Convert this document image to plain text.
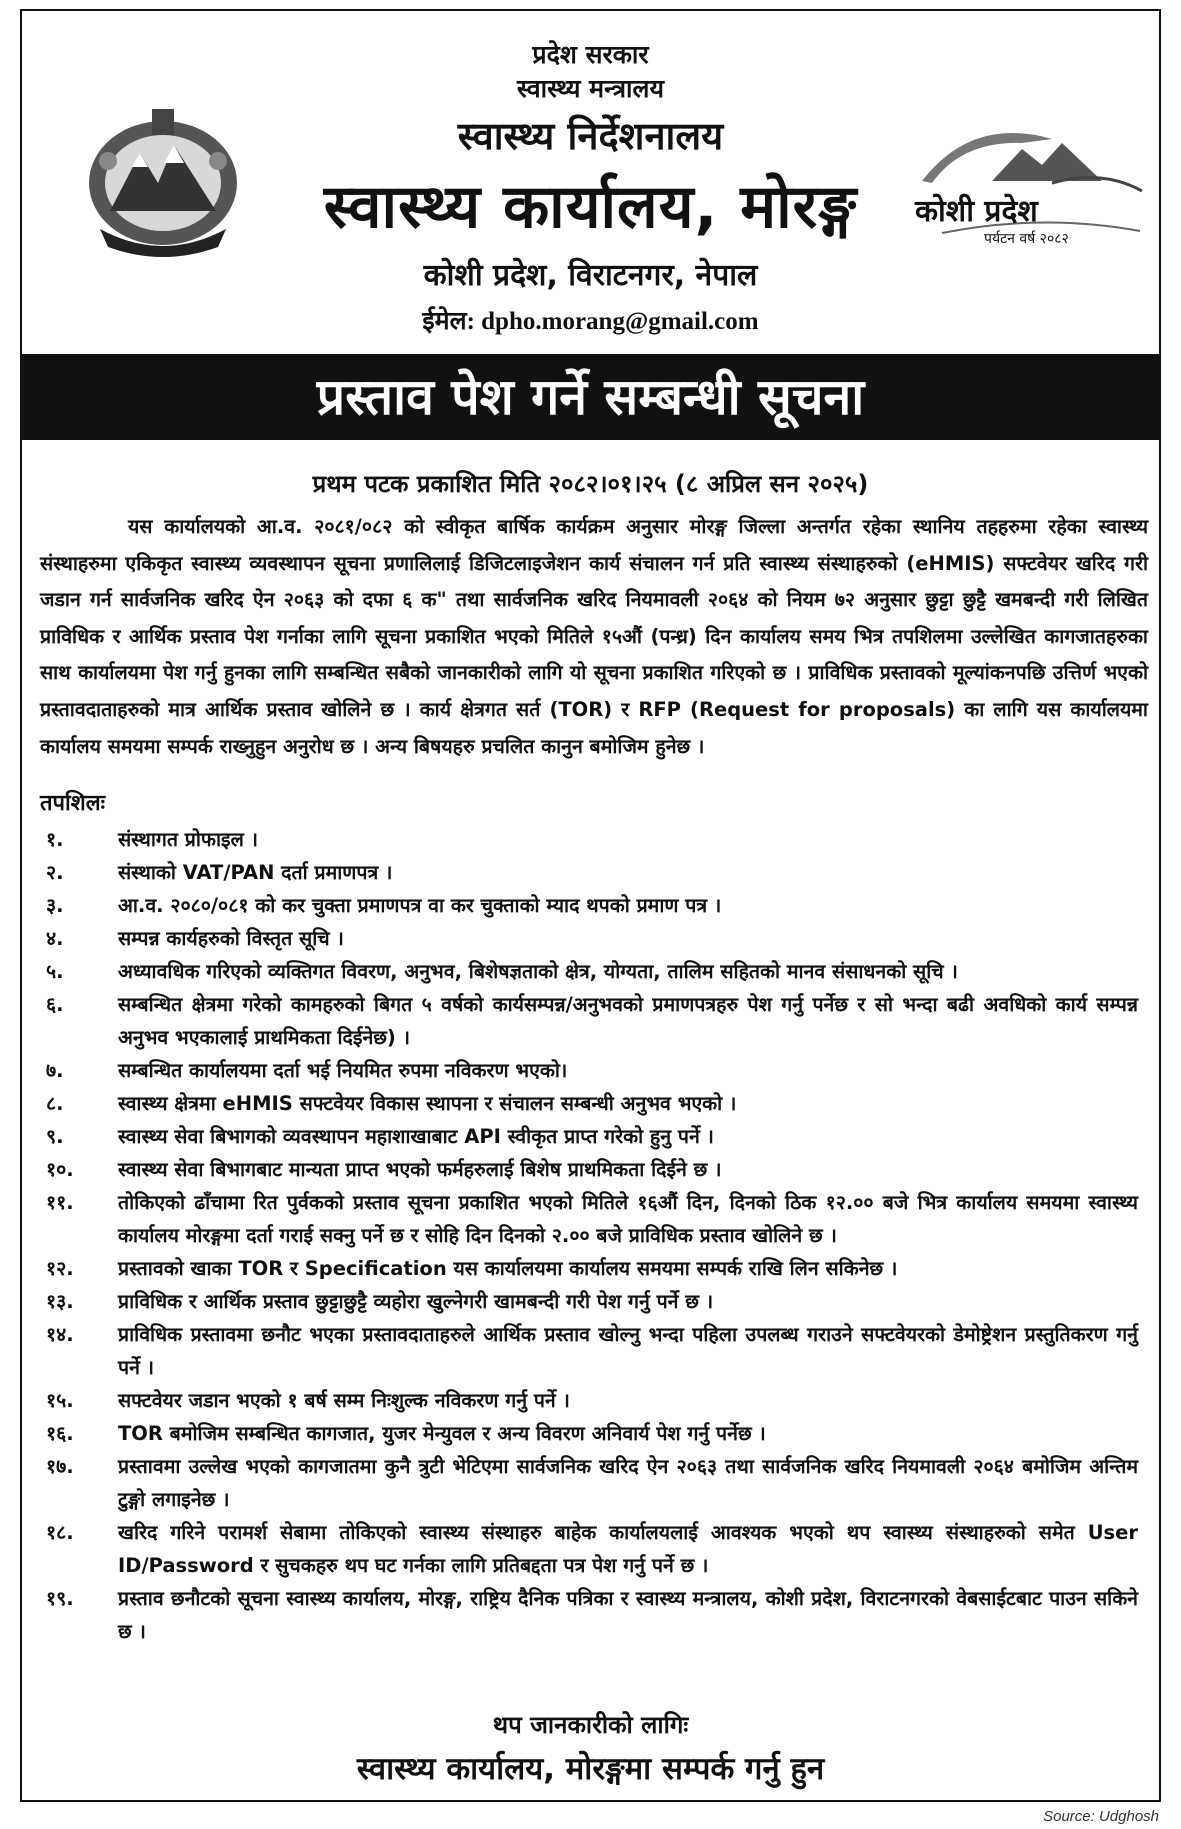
प्रदेश सरकार
स्वास्थ्य मन्त्रालय
स्वास्थ्य निर्देशनालय
स्वास्थ्य कार्यालय, मोरङ्ग
कोशी प्रदेश, विराटनगर, नेपाल
ईमेल: dpho.morang@gmail.com
कोशी प्रदेश
पर्यटन वर्ष २०८२
प्रस्ताव पेश गर्ने सम्बन्धी सूचना
प्रथम पटक प्रकाशित मिति २०८२।०१।२५ (८ अप्रिल सन २०२५)

यस कार्यालयको आ.व. २०८१/०८२ को स्वीकृत बार्षिक कार्यक्रम अनुसार मोरङ्ग जिल्ला अन्तर्गत रहेका स्थानिय तहहरुमा रहेका स्वास्थ्य संस्थाहरुमा एकिकृत स्वास्थ्य व्यवस्थापन सूचना प्रणालिलाई डिजिटलाइजेशन कार्य संचालन गर्न प्रति स्वास्थ्य संस्थाहरुको (eHMIS) सफ्टवेयर खरिद गरी जडान गर्न सार्वजनिक खरिद ऐन २०६३ को दफा ६ क" तथा सार्वजनिक खरिद नियमावली २०६४ को नियम ७२ अनुसार छुट्टा छुट्टै खमबन्दी गरी लिखित प्राविधिक र आर्थिक प्रस्ताव पेश गर्नाका लागि सूचना प्रकाशित भएको मितिले १५औं (पन्ध्र) दिन कार्यालय समय भित्र तपशिलमा उल्लेखित कागजातहरुका साथ कार्यालयमा पेश गर्नु हुनका लागि सम्बन्धित सबैको जानकारीको लागि यो सूचना प्रकाशित गरिएको छ । प्राविधिक प्रस्तावको मूल्यांकनपछि उत्तिर्ण भएको प्रस्तावदाताहरुको मात्र आर्थिक प्रस्ताव खोलिने छ । कार्य क्षेत्रगत सर्त (TOR) र RFP (Request for proposals) का लागि यस कार्यालयमा कार्यालय समयमा सम्पर्क राख्नुहुन अनुरोध छ । अन्य बिषयहरु प्रचलित कानुन बमोजिम हुनेछ ।

तपशिलः
१.	संस्थागत प्रोफाइल ।
२.	संस्थाको VAT/PAN दर्ता प्रमाणपत्र ।
३.	आ.व. २०८०/०८१ को कर चुक्ता प्रमाणपत्र वा कर चुक्ताको म्याद थपको प्रमाण पत्र ।
४.	सम्पन्न कार्यहरुको विस्तृत सूचि ।
५.	अध्यावधिक गरिएको व्यक्तिगत विवरण, अनुभव, बिशेषज्ञताको क्षेत्र, योग्यता, तालिम सहितको मानव संसाधनको सूचि ।
६.	सम्बन्धित क्षेत्रमा गरेको कामहरुको बिगत ५ वर्षको कार्यसम्पन्न/अनुभवको प्रमाणपत्रहरु पेश गर्नु पर्नेछ र सो भन्दा बढी अवधिको कार्य सम्पन्न अनुभव भएकालाई प्राथमिकता दिईनेछ) ।
७.	सम्बन्धित कार्यालयमा दर्ता भई नियमित रुपमा नविकरण भएको।
८.	स्वास्थ्य क्षेत्रमा eHMIS सफ्टवेयर विकास स्थापना र संचालन सम्बन्धी अनुभव भएको ।
९.	स्वास्थ्य सेवा बिभागको व्यवस्थापन महाशाखाबाट API स्वीकृत प्राप्त गरेको हुनु पर्ने ।
१०.	स्वास्थ्य सेवा बिभागबाट मान्यता प्राप्त भएको फर्महरुलाई बिशेष प्राथमिकता दिईने छ ।
११.	तोकिएको ढाँचामा रित पुर्वकको प्रस्ताव सूचना प्रकाशित भएको मितिले १६औं दिन, दिनको ठिक १२.०० बजे भित्र कार्यालय समयमा स्वास्थ्य कार्यालय मोरङ्गमा दर्ता गराई सक्नु पर्ने छ र सोहि दिन दिनको २.०० बजे प्राविधिक प्रस्ताव खोलिने छ ।
१२.	प्रस्तावको खाका TOR र Specification यस कार्यालयमा कार्यालय समयमा सम्पर्क राखि लिन सकिनेछ ।
१३.	प्राविधिक र आर्थिक प्रस्ताव छुट्टाछुट्टै व्यहोरा खुल्नेगरी खामबन्दी गरी पेश गर्नु पर्ने छ ।
१४.	प्राविधिक प्रस्तावमा छनौट भएका प्रस्तावदाताहरुले आर्थिक प्रस्ताव खोल्नु भन्दा पहिला उपलब्ध गराउने सफ्टवेयरको डेमोष्ट्रेशन प्रस्तुतिकरण गर्नु पर्ने ।
१५.	सफ्टवेयर जडान भएको १ बर्ष सम्म निःशुल्क नविकरण गर्नु पर्ने ।
१६.	TOR बमोजिम सम्बन्धित कागजात, युजर मेन्युवल र अन्य विवरण अनिवार्य पेश गर्नु पर्नेछ ।
१७.	प्रस्तावमा उल्लेख भएको कागजातमा कुनै त्रुटी भेटिएमा सार्वजनिक खरिद ऐन २०६३ तथा सार्वजनिक खरिद नियमावली २०६४ बमोजिम अन्तिम टुङ्गो लगाइनेछ ।
१८.	खरिद गरिने परामर्श सेबामा तोकिएको स्वास्थ्य संस्थाहरु बाहेक कार्यालयलाई आवश्यक भएको थप स्वास्थ्य संस्थाहरुको समेत User ID/Password र सुचकहरु थप घट गर्नका लागि प्रतिबद्दता पत्र पेश गर्नु पर्ने छ ।
१९.	प्रस्ताव छनौटको सूचना स्वास्थ्य कार्यालय, मोरङ्ग, राष्ट्रिय दैनिक पत्रिका र स्वास्थ्य मन्त्रालय, कोशी प्रदेश, विराटनगरको वेबसाईटबाट पाउन सकिने छ ।
थप जानकारीको लागिः
स्वास्थ्य कार्यालय, मोरङ्गमा सम्पर्क गर्नु हुन
Source: Udghosh
